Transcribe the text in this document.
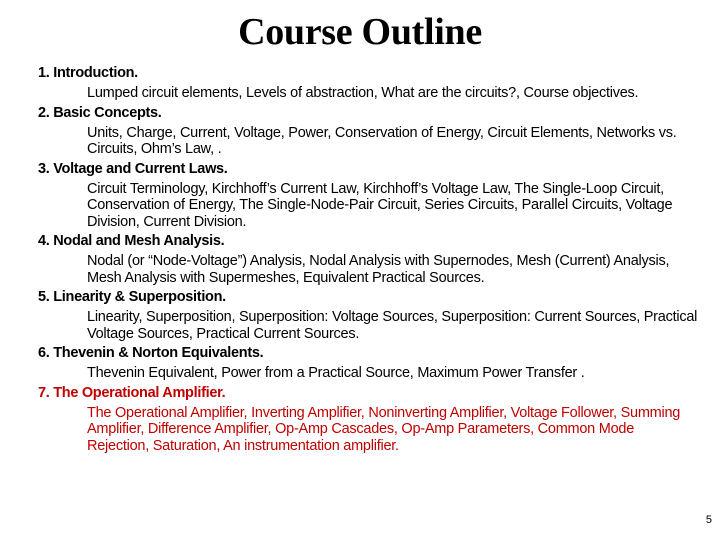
Course Outline
1. Introduction.
Lumped circuit elements, Levels of abstraction, What are the circuits?, Course objectives.
2. Basic Concepts.
Units, Charge, Current, Voltage, Power, Conservation of Energy, Circuit Elements, Networks vs. Circuits, Ohm’s Law, .
3. Voltage and Current Laws.
Circuit Terminology, Kirchhoff’s Current Law, Kirchhoff’s Voltage Law, The Single-Loop Circuit, Conservation of Energy, The Single-Node-Pair Circuit, Series Circuits, Parallel Circuits, Voltage Division, Current Division.
4. Nodal and Mesh Analysis.
Nodal (or “Node-Voltage”) Analysis, Nodal Analysis with Supernodes, Mesh (Current) Analysis, Mesh Analysis with Supermeshes, Equivalent Practical Sources.
5. Linearity & Superposition.
Linearity, Superposition, Superposition: Voltage Sources, Superposition: Current Sources, Practical Voltage Sources, Practical Current Sources.
6. Thevenin & Norton Equivalents.
Thevenin Equivalent, Power from a Practical Source, Maximum Power Transfer .
7. The Operational Amplifier.
The Operational Amplifier, Inverting Amplifier, Noninverting Amplifier, Voltage Follower, Summing Amplifier, Difference Amplifier, Op-Amp Cascades, Op-Amp Parameters, Common Mode Rejection, Saturation, An instrumentation amplifier.
5
